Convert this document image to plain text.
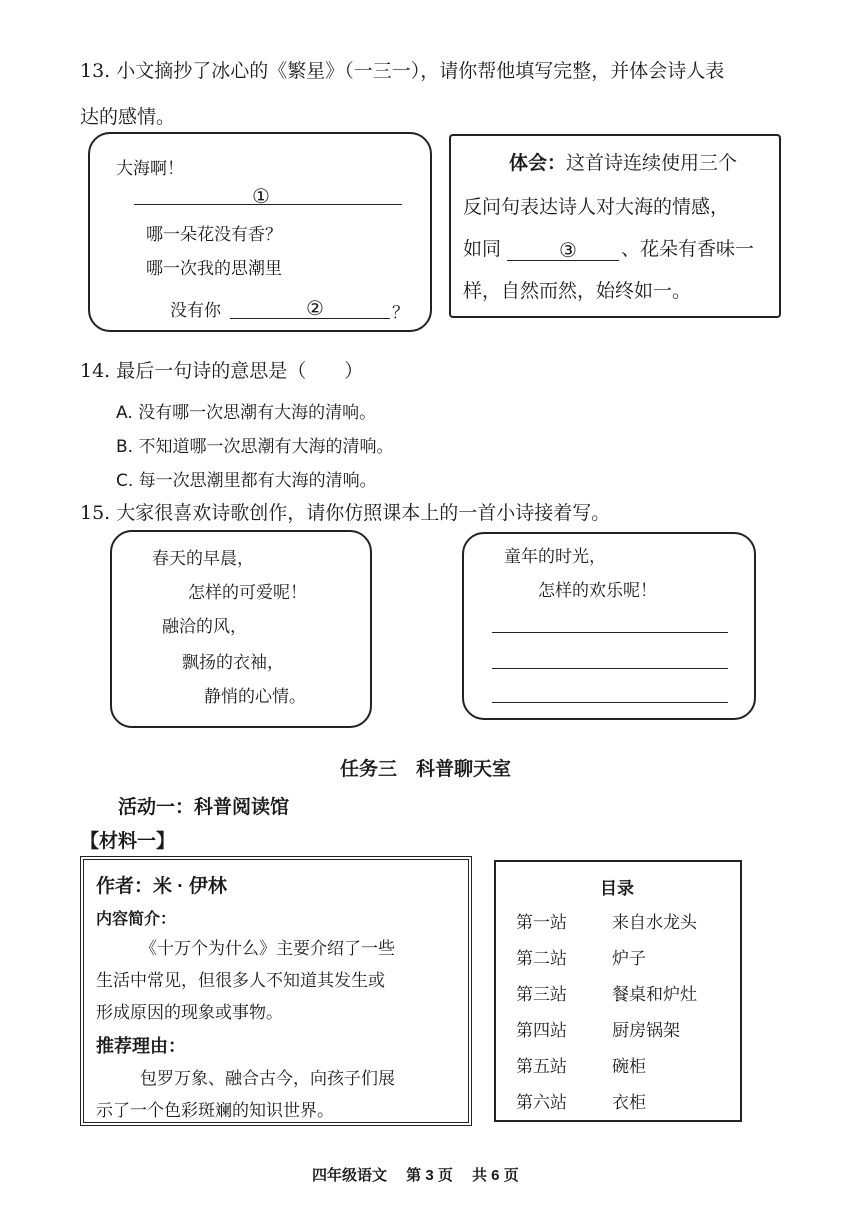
13. 小文摘抄了冰心的《繁星》（一三一），请你帮他填写完整，并体会诗人表
达的感情。
大海啊！
①
哪一朵花没有香？
哪一次我的思潮里
没有你	②	？
体会：这首诗连续使用三个
反问句表达诗人对大海的情感，
如同	③ 、花朵有香味一
样，自然而然，始终如一。
14. 最后一句诗的意思是（　　）
A. 没有哪一次思潮有大海的清响。
B. 不知道哪一次思潮有大海的清响。
C. 每一次思潮里都有大海的清响。
15. 大家很喜欢诗歌创作，请你仿照课本上的一首小诗接着写。
春天的早晨，
怎样的可爱呢！
融洽的风，
飘扬的衣袖，
静悄的心情。
童年的时光，
怎样的欢乐呢！
任务三　科普聊天室
活动一：科普阅读馆
【材料一】
作者：米 · 伊林
内容简介：
《十万个为什么》主要介绍了一些
生活中常见，但很多人不知道其发生或
形成原因的现象或事物。
推荐理由：
包罗万象、融合古今，向孩子们展
示了一个色彩斑斓的知识世界。
目录
第一站	来自水龙头
第二站	炉子
第三站	餐桌和炉灶
第四站	厨房锅架
第五站	碗柜
第六站	衣柜
四年级语文　 第 3 页　 共 6 页
